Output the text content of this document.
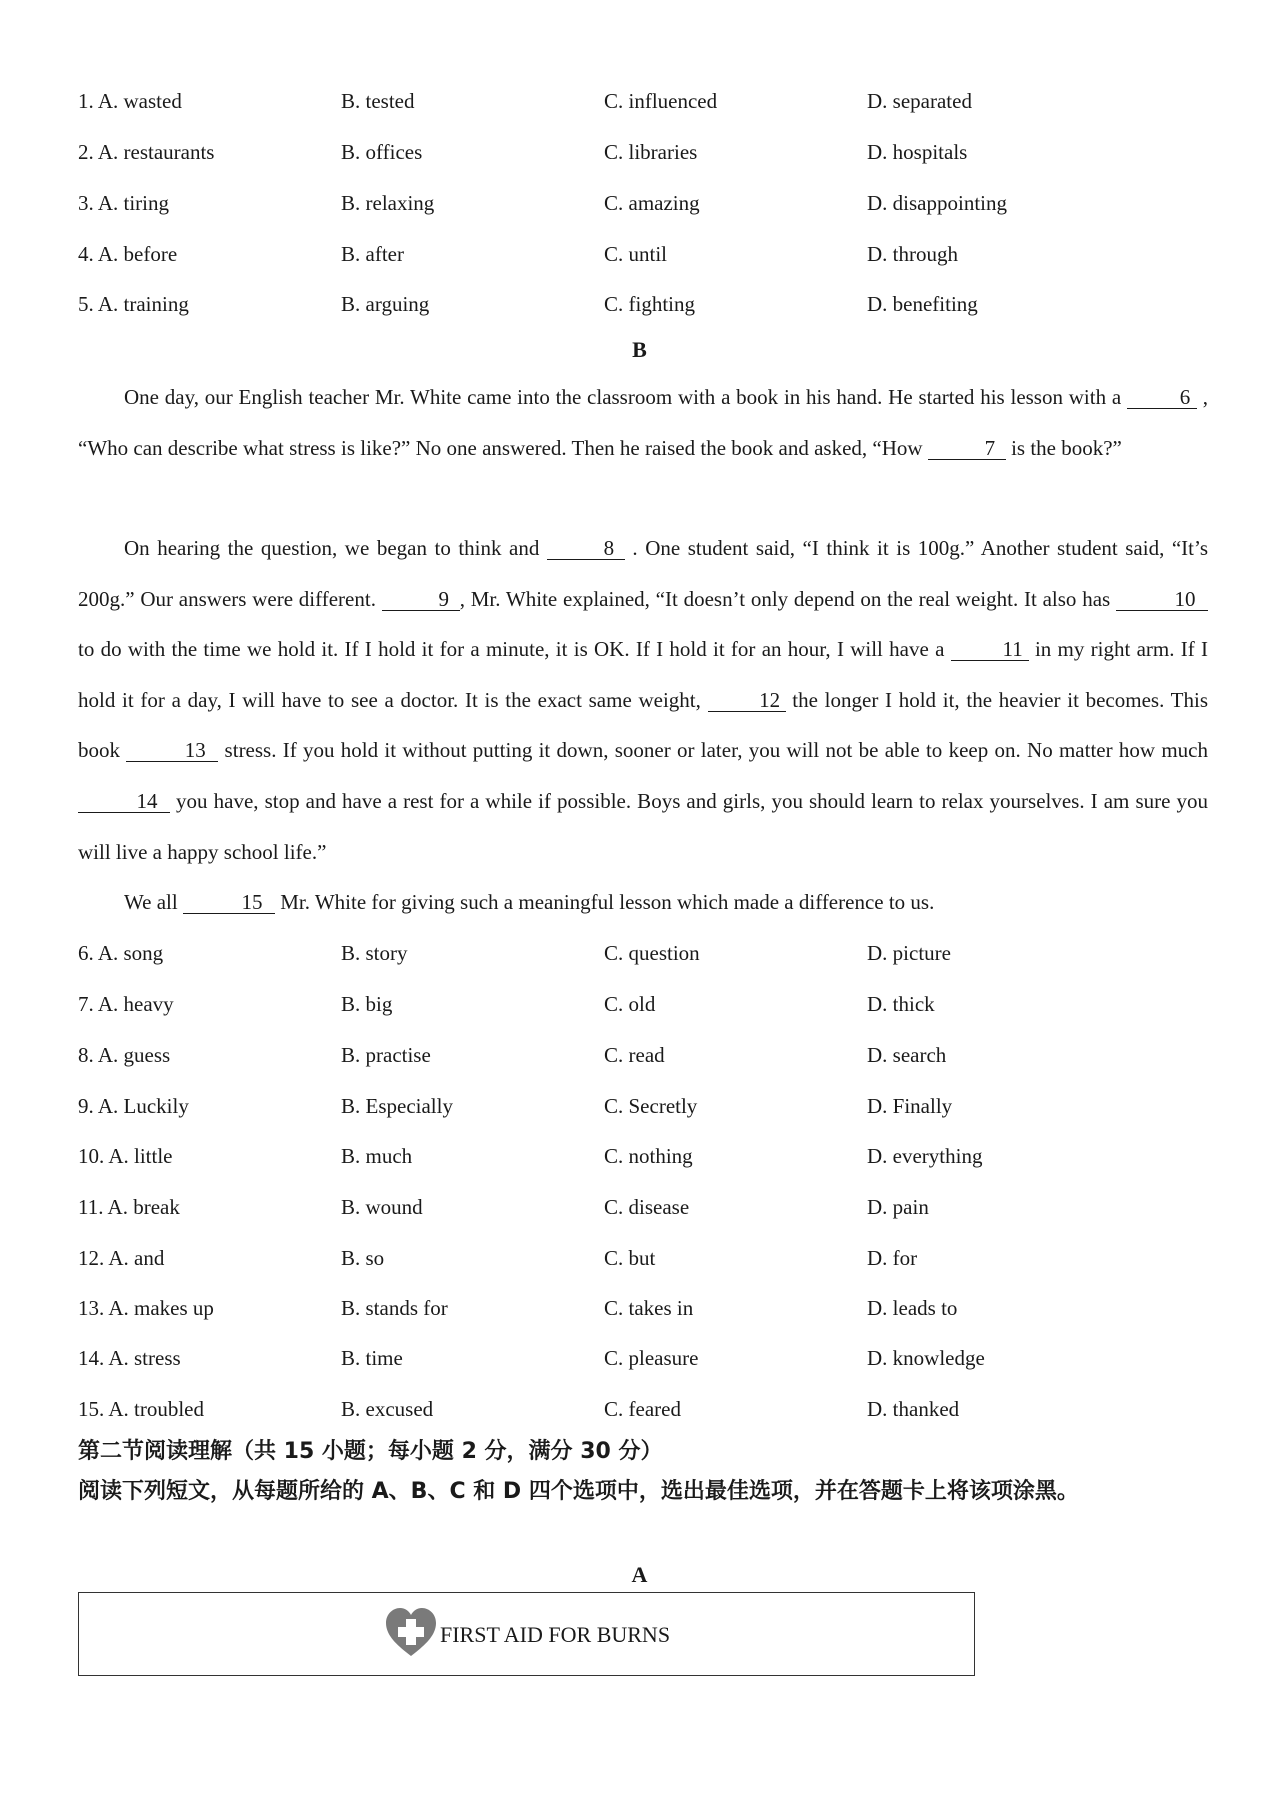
1. A. wasted	B. tested	C. influenced	D. separated
2. A. restaurants	B. offices	C. libraries	D. hospitals
3. A. tiring	B. relaxing	C. amazing	D. disappointing
4. A. before	B. after	C. until	D. through
5. A. training	B. arguing	C. fighting	D. benefiting
B
One day, our English teacher Mr. White came into the classroom with a book in his hand. He started his lesson with a	6 , “Who can describe what stress is like?” No one answered. Then he raised the book and asked, “How	7 is the book?”
On hearing the question, we began to think and	8 . One student said, “I think it is 100g.” Another student said, “It’s 200g.” Our answers were different.	9 , Mr. White explained, “It doesn’t only depend on the real weight. It also has	10 to do with the time we hold it. If I hold it for a minute, it is OK. If I hold it for an hour, I will have a 11 in my right arm. If I hold it for a day, I will have to see a doctor. It is the exact same weight, 12 the longer I hold it, the heavier it becomes. This book	13 stress. If you hold it without putting it down, sooner or later, you will not be able to keep on. No matter how much 14 you have, stop and have a rest for a while if possible. Boys and girls, you should learn to relax yourselves. I am sure you will live a happy school life.”
We all	15 Mr. White for giving such a meaningful lesson which made a difference to us.
6. A. song	B. story	C. question	D. picture
7. A. heavy	B. big	C. old	D. thick
8. A. guess	B. practise	C. read	D. search
9. A. Luckily	B. Especially	C. Secretly	D. Finally
10. A. little	B. much	C. nothing	D. everything
11. A. break	B. wound	C. disease	D. pain
12. A. and	B. so	C. but	D. for
13. A. makes up	B. stands for	C. takes in	D. leads to
14. A. stress	B. time	C. pleasure	D. knowledge
15. A. troubled	B. excused	C. feared	D. thanked
第二节阅读理解（共 15 小题；每小题 2 分，满分 30 分）
阅读下列短文，从每题所给的 A、B、C 和 D 四个选项中，选出最佳选项，并在答题卡上将该项涂黑。
A
FIRST AID FOR BURNS
